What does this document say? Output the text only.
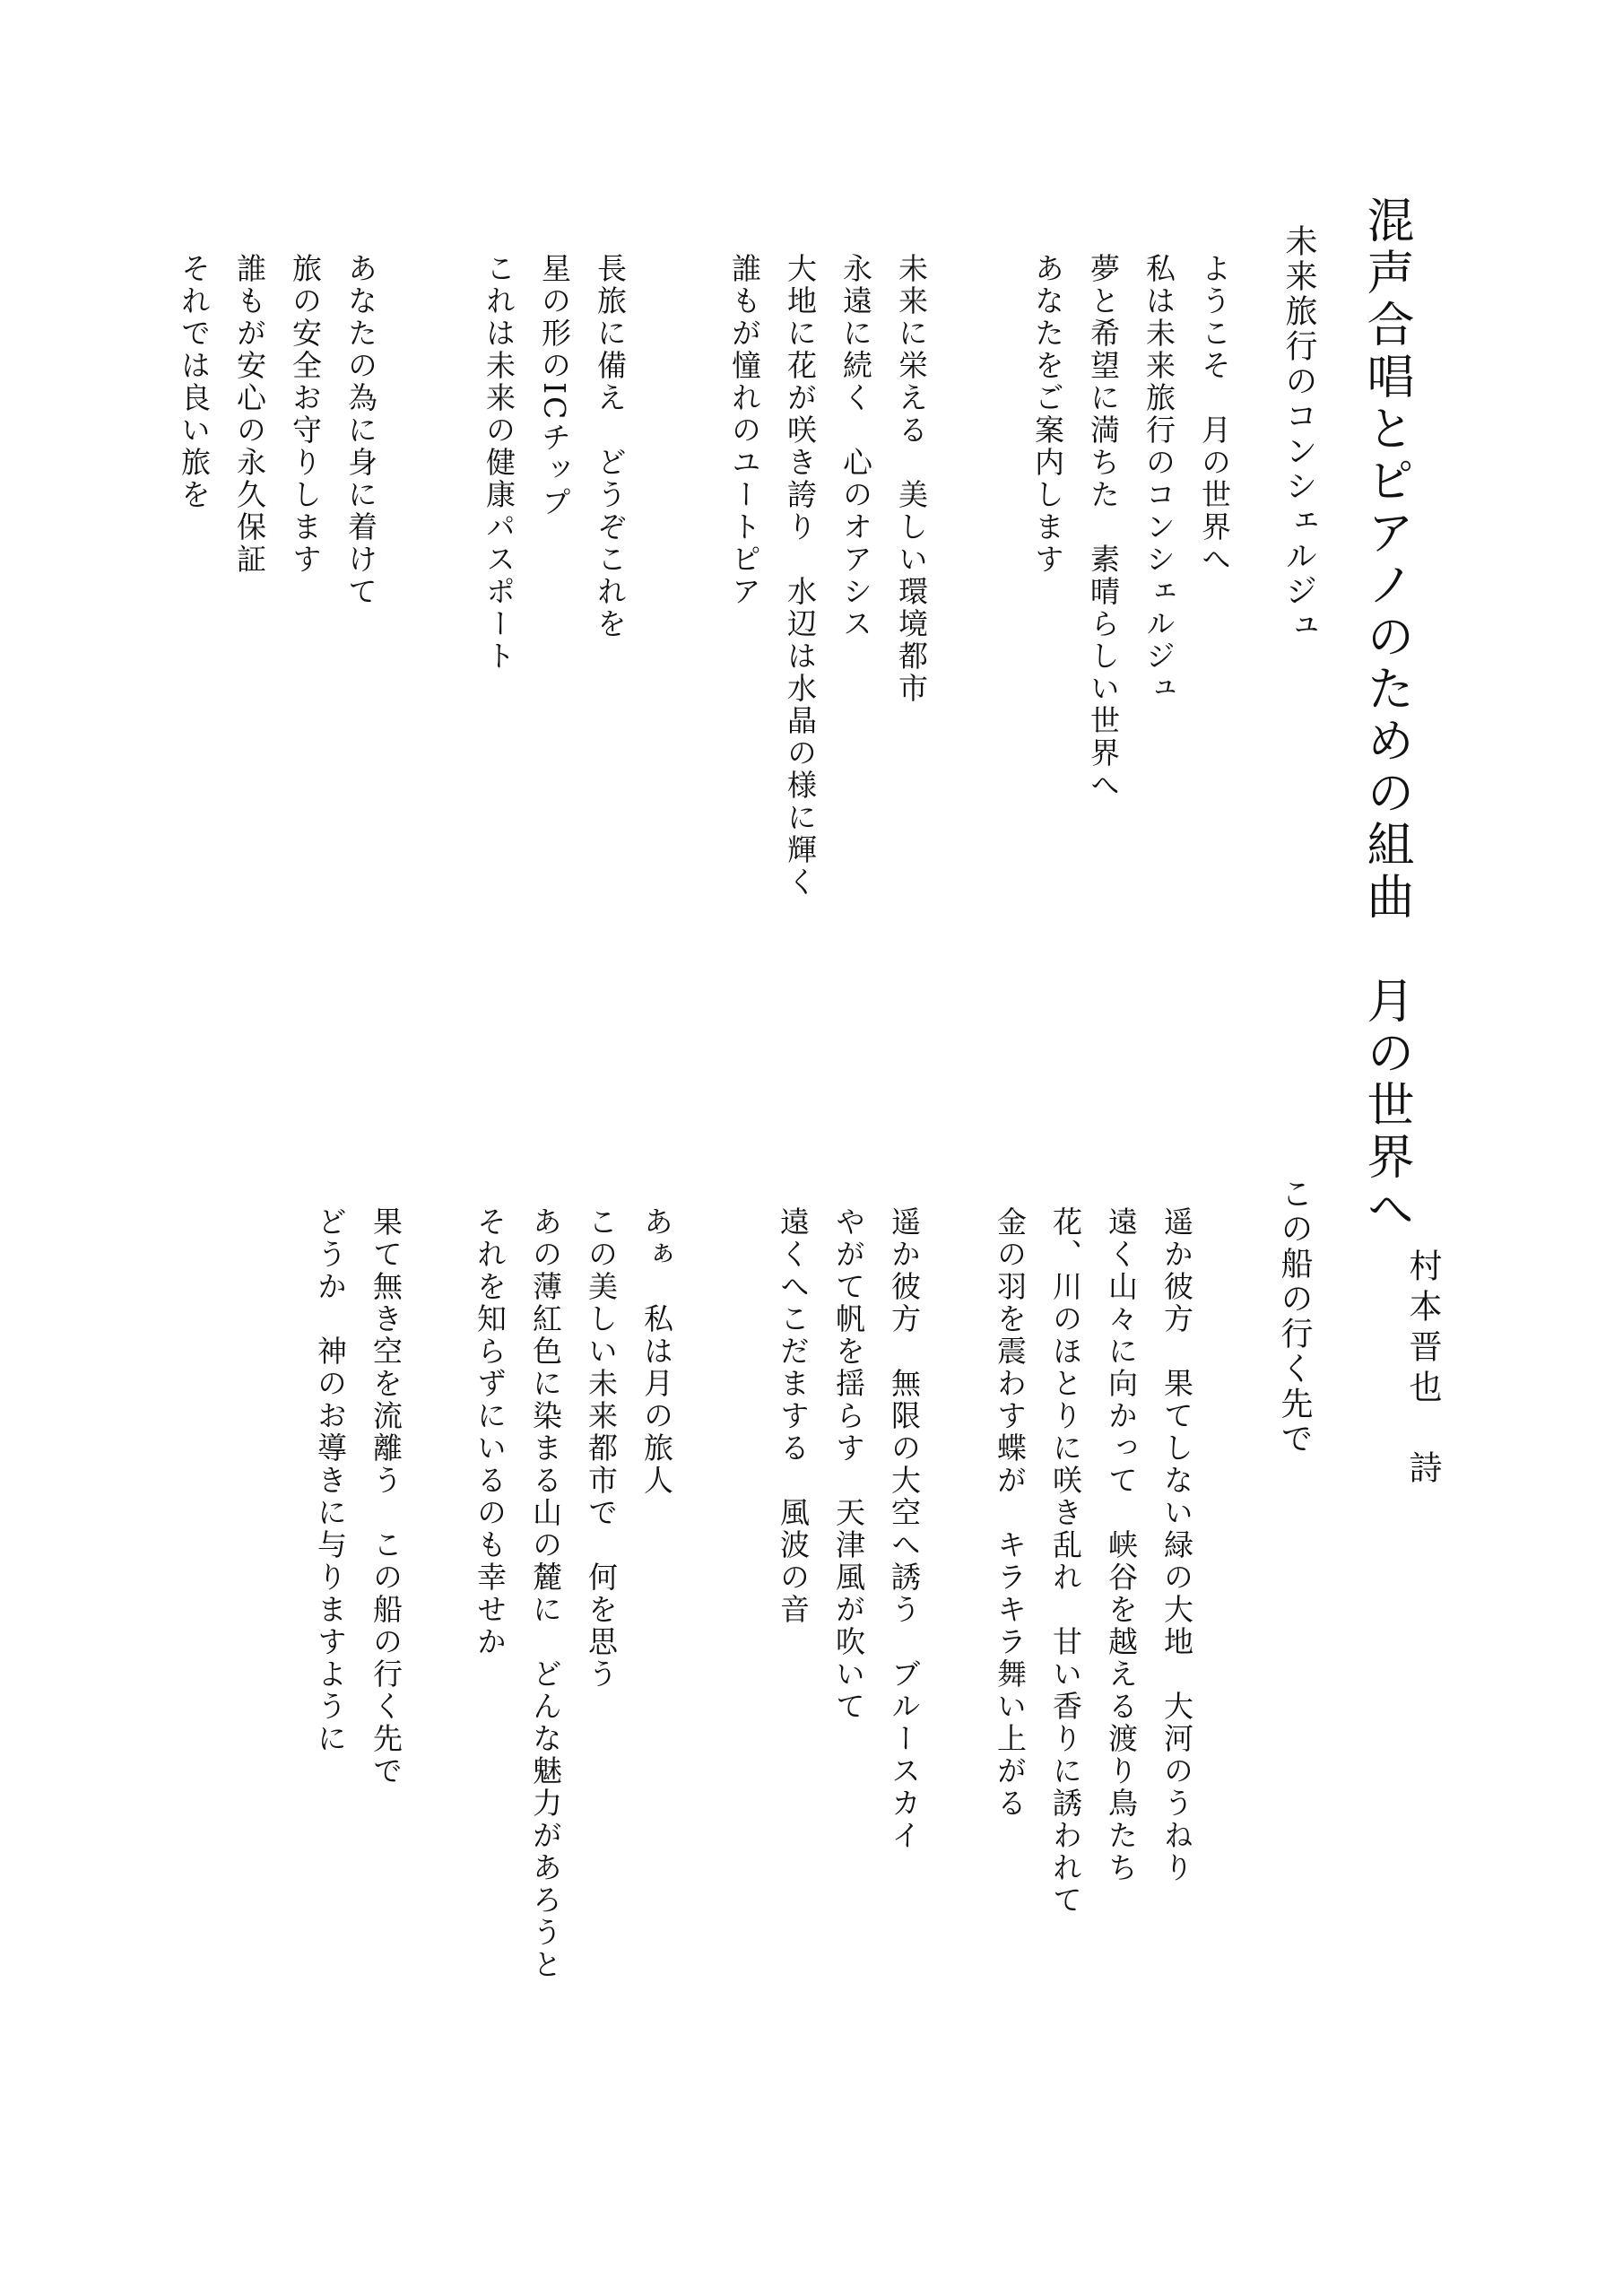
混声合唱とピアノのための組曲　月の世界へ
村本晋也　詩
未来旅行のコンシェルジュ
ようこそ　月の世界へ
私は未来旅行のコンシェルジュ
夢と希望に満ちた　素晴らしい世界へ
あなたをご案内します
未来に栄える　美しい環境都市
永遠に続く　心のオアシス
大地に花が咲き誇り　水辺は水晶の様に輝く
誰もが憧れのユートピア
長旅に備え　どうぞこれを
星の形のICチップ
これは未来の健康パスポート
あなたの為に身に着けて
旅の安全お守りします
誰もが安心の永久保証
それでは良い旅を
この船の行く先で
遥か彼方　果てしない緑の大地　大河のうねり
遠く山々に向かって　峡谷を越える渡り鳥たち
花、川のほとりに咲き乱れ　甘い香りに誘われて
金の羽を震わす蝶が　キラキラ舞い上がる
遥か彼方　無限の大空へ誘う　ブルースカイ
やがて帆を揺らす　天津風が吹いて
遠くへこだまする　風波の音
あぁ　私は月の旅人
この美しい未来都市で　何を思う
あの薄紅色に染まる山の麓に　どんな魅力があろうと
それを知らずにいるのも幸せか
果て無き空を流離う　この船の行く先で
どうか　神のお導きに与りますように
